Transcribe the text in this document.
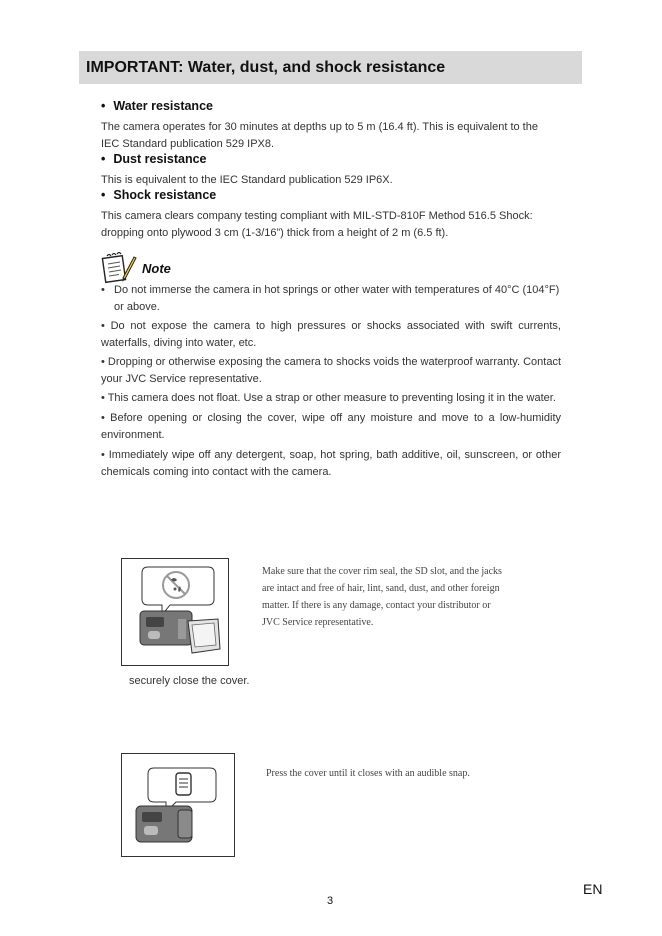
IMPORTANT: Water, dust, and shock resistance
• Water resistance
The camera operates for 30 minutes at depths up to 5 m (16.4 ft). This is equivalent to the
IEC Standard publication 529 IPX8.
• Dust resistance
This is equivalent to the IEC Standard publication 529 IP6X.
• Shock resistance
This camera clears company testing compliant with MIL-STD-810F Method 516.5 Shock:
dropping onto plywood 3 cm (1-3/16”) thick from a height of 2 m (6.5 ft).
Note
• Do not immerse the camera in hot springs or other water with temperatures of 40°C (104°F) or above.
• Do not expose the camera to high pressures or shocks associated with swift currents, waterfalls, diving into water, etc.
• Dropping or otherwise exposing the camera to shocks voids the waterproof warranty. Contact your JVC Service representative.
• This camera does not float. Use a strap or other measure to preventing losing it in the water.
• Before opening or closing the cover, wipe off any moisture and move to a low-humidity environment.
• Immediately wipe off any detergent, soap, hot spring, bath additive, oil, sunscreen, or other chemicals coming into contact with the camera.
Make sure that the cover rim seal, the SD slot, and the jacks
are intact and free of hair, lint, sand, dust, and other foreign
matter. If there is any damage, contact your distributor or
JVC Service representative.
securely close the cover.
Press the cover until it closes with an audible snap.
3
EN
